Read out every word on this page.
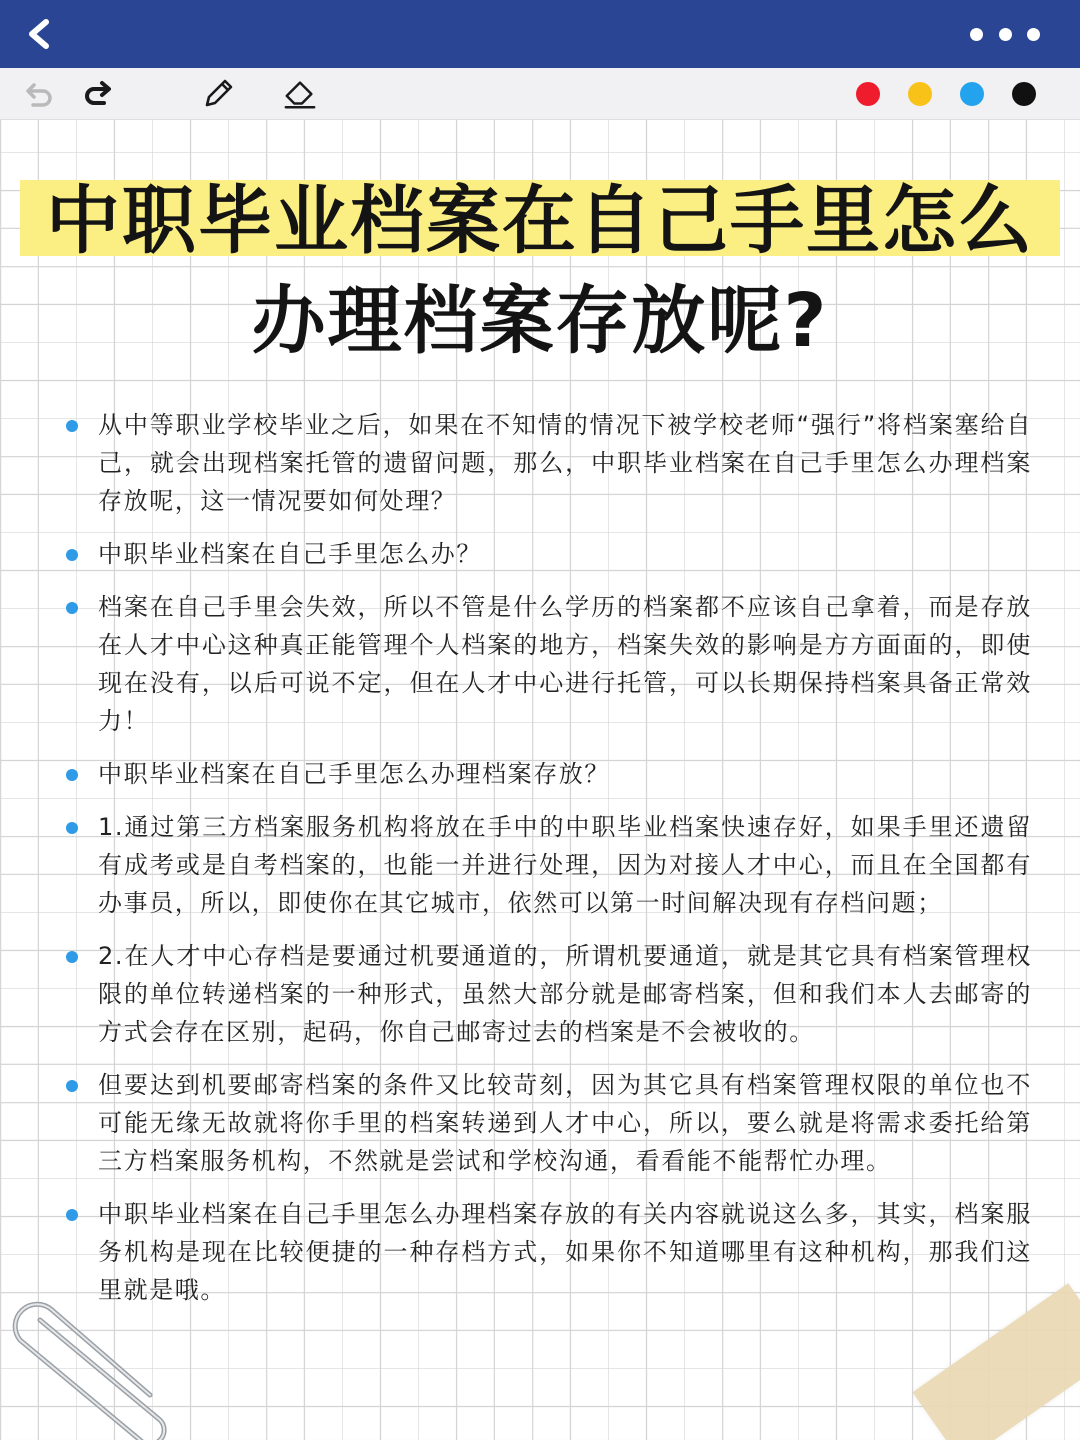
中职毕业档案在自己手里怎么
办理档案存放呢?

从中等职业学校毕业之后，如果在不知情的情况下被学校老师“强行”将档案塞给自己，就会出现档案托管的遗留问题，那么，中职毕业档案在自己手里怎么办理档案存放呢，这一情况要如何处理？

中职毕业档案在自己手里怎么办？

档案在自己手里会失效，所以不管是什么学历的档案都不应该自己拿着，而是存放在人才中心这种真正能管理个人档案的地方，档案失效的影响是方方面面的，即使现在没有，以后可说不定，但在人才中心进行托管，可以长期保持档案具备正常效力！

中职毕业档案在自己手里怎么办理档案存放？

1.通过第三方档案服务机构将放在手中的中职毕业档案快速存好，如果手里还遗留有成考或是自考档案的，也能一并进行处理，因为对接人才中心，而且在全国都有办事员，所以，即使你在其它城市，依然可以第一时间解决现有存档问题；

2.在人才中心存档是要通过机要通道的，所谓机要通道，就是其它具有档案管理权限的单位转递档案的一种形式，虽然大部分就是邮寄档案，但和我们本人去邮寄的方式会存在区别，起码，你自己邮寄过去的档案是不会被收的。

但要达到机要邮寄档案的条件又比较苛刻，因为其它具有档案管理权限的单位也不可能无缘无故就将你手里的档案转递到人才中心，所以，要么就是将需求委托给第三方档案服务机构，不然就是尝试和学校沟通，看看能不能帮忙办理。

中职毕业档案在自己手里怎么办理档案存放的有关内容就说这么多，其实，档案服务机构是现在比较便捷的一种存档方式，如果你不知道哪里有这种机构，那我们这里就是哦。
